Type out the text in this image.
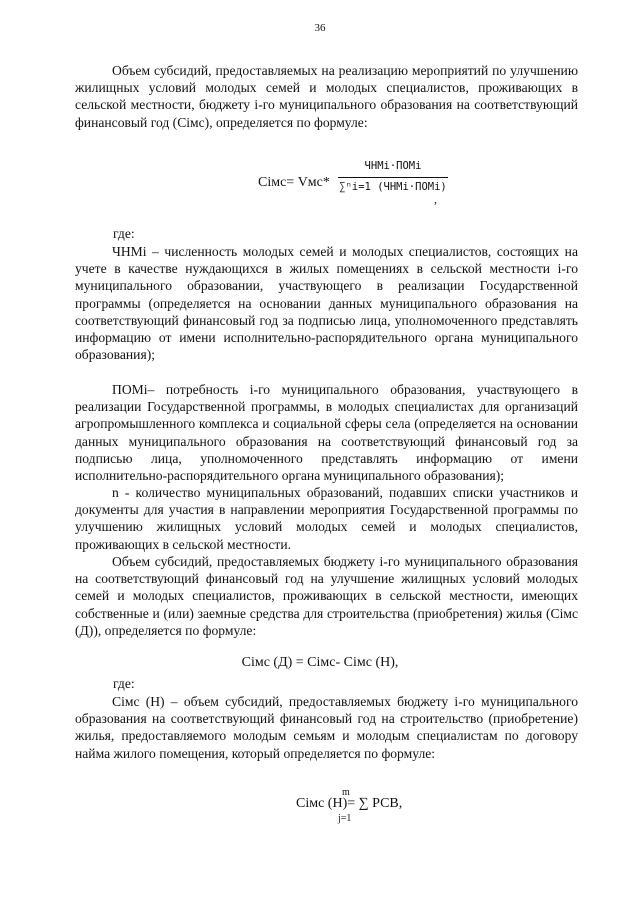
36
Объем субсидий, предоставляемых на реализацию мероприятий по улучшению жилищных условий молодых семей и молодых специалистов, проживающих в сельской местности, бюджету i-го муниципального образования на соответствующий финансовый год (Ciмс), определяется по формуле:
Ciмс= Vмс*
ЧНМi·ПОМi
∑ⁿi=1 (ЧНМi·ПОМi)
,
где:
ЧНМi – численность молодых семей и молодых специалистов, состоящих на учете в качестве нуждающихся в жилых помещениях в сельской местности i-го муниципального образовании, участвующего в реализации Государственной программы (определяется на основании данных муниципального образования на соответствующий финансовый год за подписью лица, уполномоченного представлять информацию от имени исполнительно-распорядительного органа муниципального образования);
ПОМi– потребность i-го муниципального образования, участвующего в реализации Государственной программы, в молодых специалистах для организаций агропромышленного комплекса и социальной сферы села (определяется на основании данных муниципального образования на соответствующий финансовый год за подписью лица, уполномоченного представлять информацию от имени исполнительно-распорядительного органа муниципального образования);
n - количество муниципальных образований, подавших списки участников и документы для участия в направлении мероприятия Государственной программы по улучшению жилищных условий молодых семей и молодых специалистов, проживающих в сельской местности.
Объем субсидий, предоставляемых бюджету i-го муниципального образования на соответствующий финансовый год на улучшение жилищных условий молодых семей и молодых специалистов, проживающих в сельской местности, имеющих собственные и (или) заемные средства для строительства (приобретения) жилья (Ciмс (Д)), определяется по формуле:
Ciмс (Д) = Ciмс- Ciмс (Н),
где:
Ciмс (Н) – объем субсидий, предоставляемых бюджету i-го муниципального образования на соответствующий финансовый год на строительство (приобретение) жилья, предоставляемого молодым семьям и молодым специалистам по договору найма жилого помещения, который определяется по формуле:
m
Ciмс (Н)= ∑ РСВ,
j=1
